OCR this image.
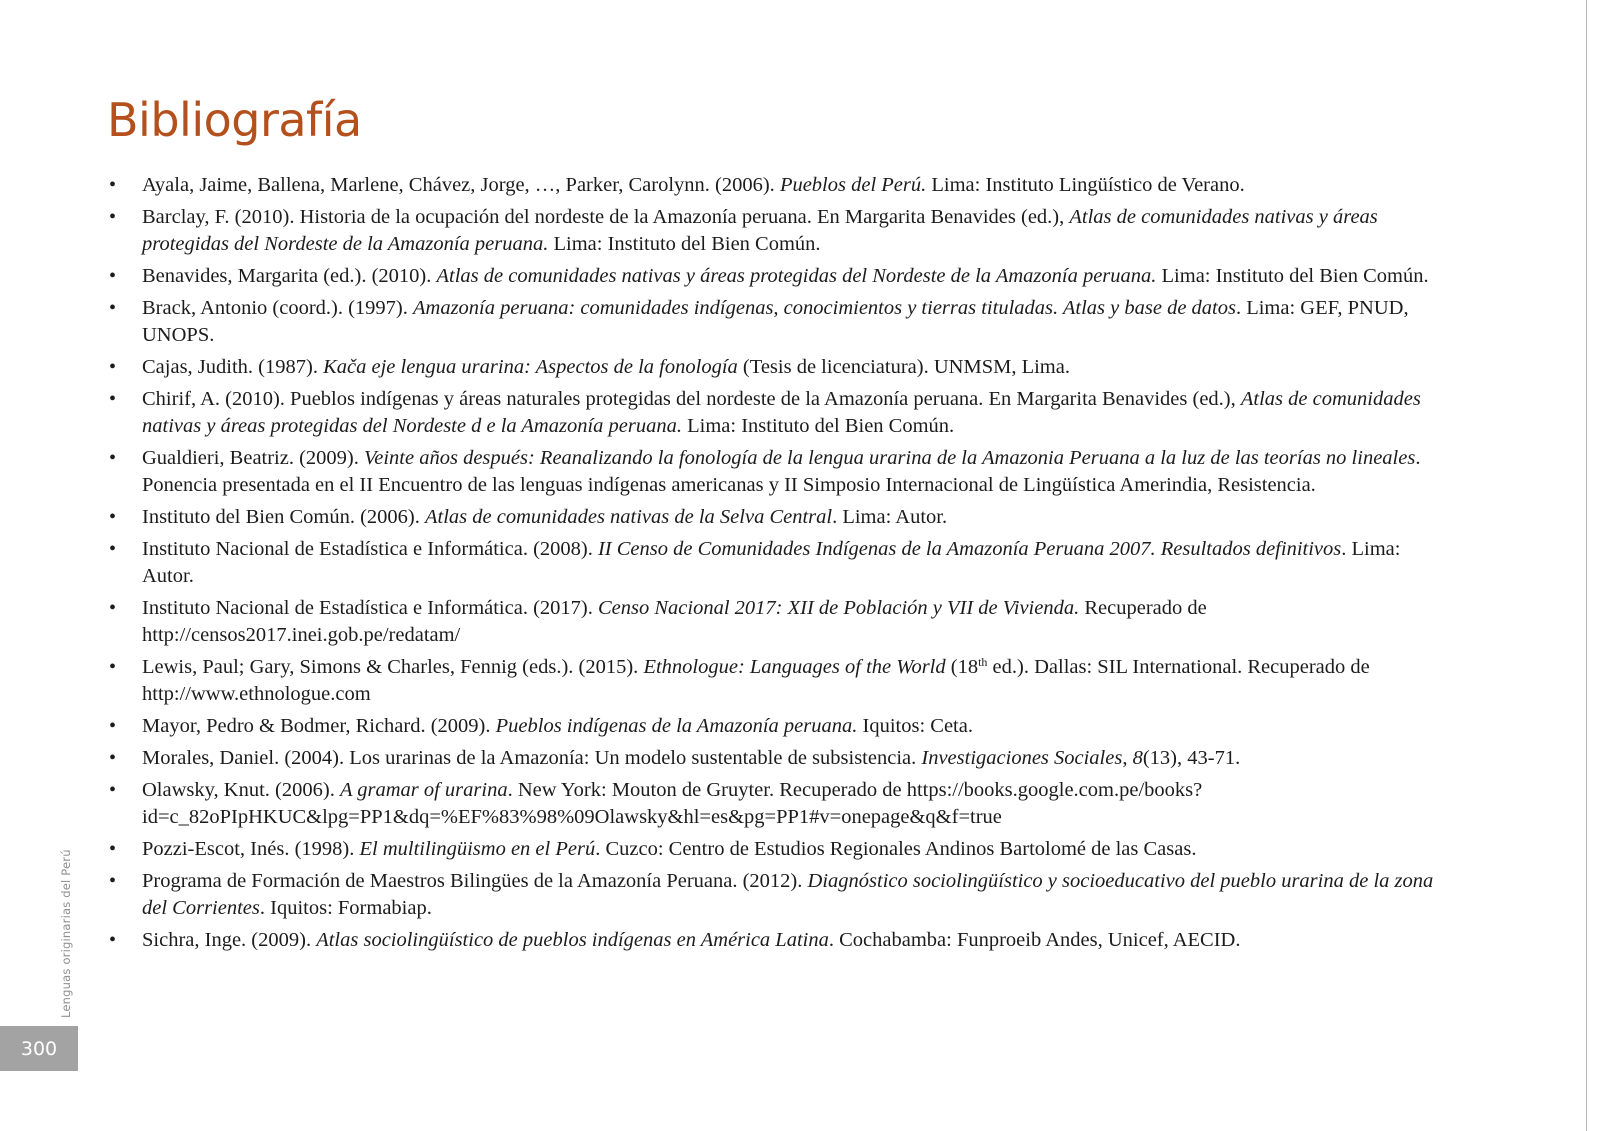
Bibliografía
• Ayala, Jaime, Ballena, Marlene, Chávez, Jorge, …, Parker, Carolynn. (2006). Pueblos del Perú. Lima: Instituto Lingüístico de Verano.
• Barclay, F. (2010). Historia de la ocupación del nordeste de la Amazonía peruana. En Margarita Benavides (ed.), Atlas de comunidades nativas y áreas protegidas del Nordeste de la Amazonía peruana. Lima: Instituto del Bien Común.
• Benavides, Margarita (ed.). (2010). Atlas de comunidades nativas y áreas protegidas del Nordeste de la Amazonía peruana. Lima: Instituto del Bien Común.
• Brack, Antonio (coord.). (1997). Amazonía peruana: comunidades indígenas, conocimientos y tierras tituladas. Atlas y base de datos. Lima: GEF, PNUD, UNOPS.
• Cajas, Judith. (1987). Kača eje lengua urarina: Aspectos de la fonología (Tesis de licenciatura). UNMSM, Lima.
• Chirif, A. (2010). Pueblos indígenas y áreas naturales protegidas del nordeste de la Amazonía peruana. En Margarita Benavides (ed.), Atlas de comunidades nativas y áreas protegidas del Nordeste d e la Amazonía peruana. Lima: Instituto del Bien Común.
• Gualdieri, Beatriz. (2009). Veinte años después: Reanalizando la fonología de la lengua urarina de la Amazonia Peruana a la luz de las teorías no lineales. Ponencia presentada en el II Encuentro de las lenguas indígenas americanas y II Simposio Internacional de Lingüística Amerindia, Resistencia.
• Instituto del Bien Común. (2006). Atlas de comunidades nativas de la Selva Central. Lima: Autor.
• Instituto Nacional de Estadística e Informática. (2008). II Censo de Comunidades Indígenas de la Amazonía Peruana 2007. Resultados definitivos. Lima: Autor.
• Instituto Nacional de Estadística e Informática. (2017). Censo Nacional 2017: XII de Población y VII de Vivienda. Recuperado de http://censos2017.inei.gob.pe/redatam/
• Lewis, Paul; Gary, Simons & Charles, Fennig (eds.). (2015). Ethnologue: Languages of the World (18th ed.). Dallas: SIL International. Recuperado de http://www.ethnologue.com
• Mayor, Pedro & Bodmer, Richard. (2009). Pueblos indígenas de la Amazonía peruana. Iquitos: Ceta.
• Morales, Daniel. (2004). Los urarinas de la Amazonía: Un modelo sustentable de subsistencia. Investigaciones Sociales, 8(13), 43-71.
• Olawsky, Knut. (2006). A gramar of urarina. New York: Mouton de Gruyter. Recuperado de https://books.google.com.pe/books?id=c_82oPIpHKUC&lpg=PP1&dq=%EF%83%98%09Olawsky&hl=es&pg=PP1#v=onepage&q&f=true
• Pozzi-Escot, Inés. (1998). El multilingüismo en el Perú. Cuzco: Centro de Estudios Regionales Andinos Bartolomé de las Casas.
• Programa de Formación de Maestros Bilingües de la Amazonía Peruana. (2012). Diagnóstico sociolingüístico y socioeducativo del pueblo urarina de la zona del Corrientes. Iquitos: Formabiap.
• Sichra, Inge. (2009). Atlas sociolingüístico de pueblos indígenas en América Latina. Cochabamba: Funproeib Andes, Unicef, AECID.
Lenguas originarias del Perú
300
